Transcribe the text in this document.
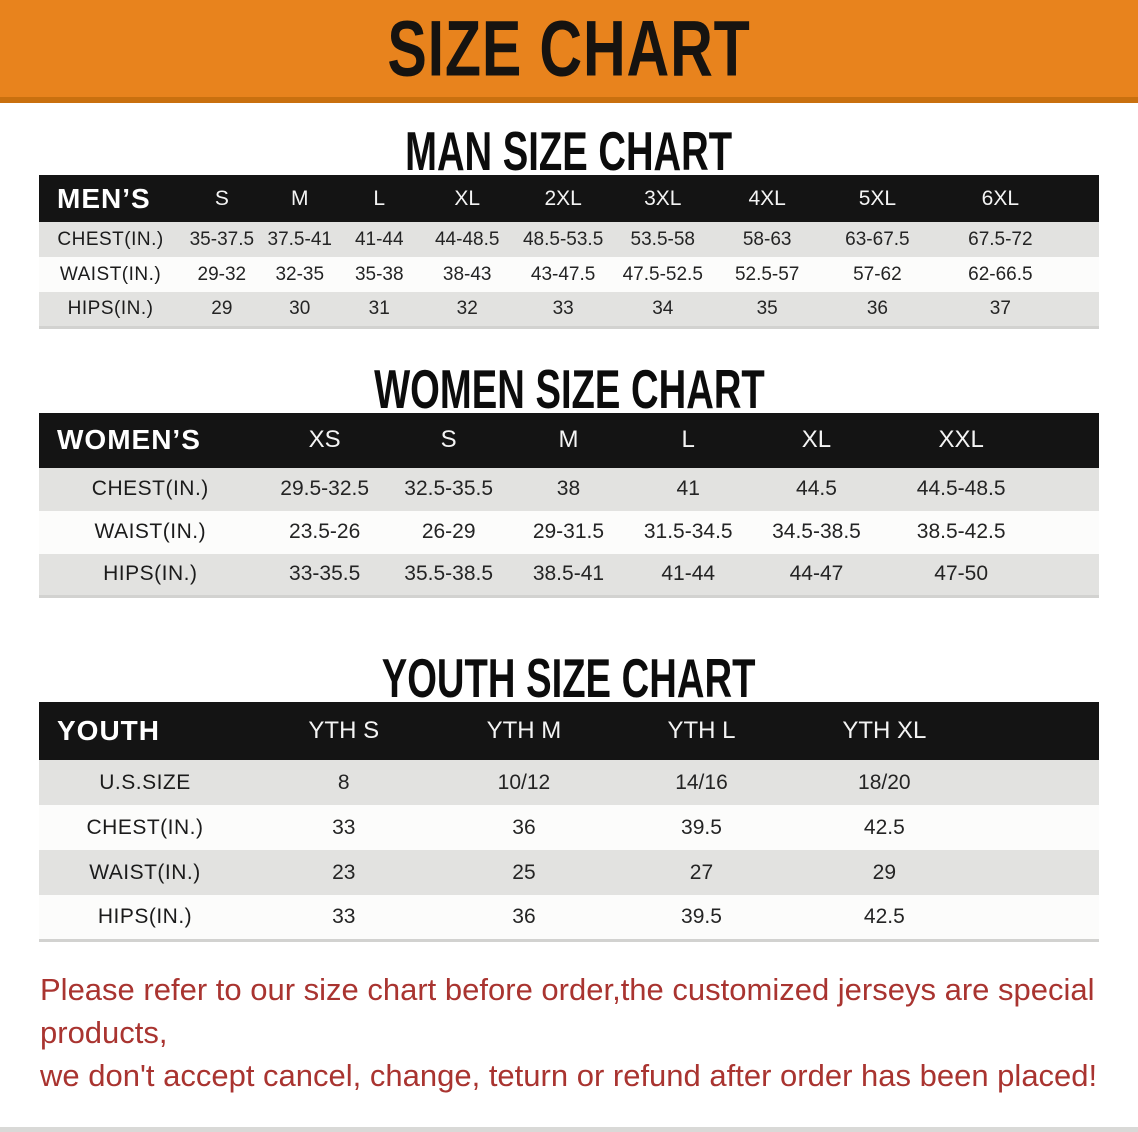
SIZE CHART
MAN SIZE CHART
MEN’S	S	M	L	XL	2XL	3XL	4XL	5XL	6XL	
CHEST(IN.)	35-37.5	37.5-41	41-44	44-48.5	48.5-53.5	53.5-58	58-63	63-67.5	67.5-72	
WAIST(IN.)	29-32	32-35	35-38	38-43	43-47.5	47.5-52.5	52.5-57	57-62	62-66.5	
HIPS(IN.)	29	30	31	32	33	34	35	36	37	
WOMEN SIZE CHART
WOMEN’S	XS	S	M	L	XL	XXL	
CHEST(IN.)	29.5-32.5	32.5-35.5	38	41	44.5	44.5-48.5	
WAIST(IN.)	23.5-26	26-29	29-31.5	31.5-34.5	34.5-38.5	38.5-42.5	
HIPS(IN.)	33-35.5	35.5-38.5	38.5-41	41-44	44-47	47-50	
YOUTH SIZE CHART
YOUTH	YTH S	YTH M	YTH L	YTH XL	
U.S.SIZE	8	10/12	14/16	18/20	
CHEST(IN.)	33	36	39.5	42.5	
WAIST(IN.)	23	25	27	29	
HIPS(IN.)	33	36	39.5	42.5	
Please refer to our size chart before order,the customized jerseys are special products,
we don't accept cancel, change, teturn or refund after order has been placed!
